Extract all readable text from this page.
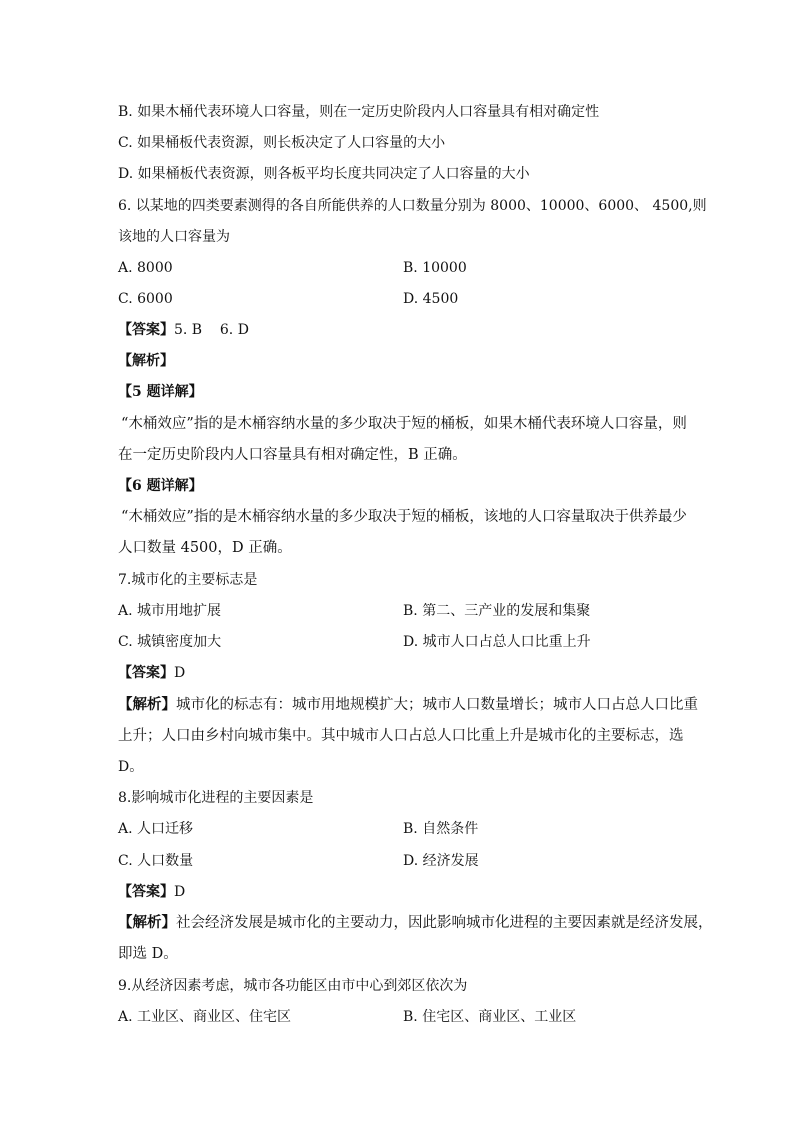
B. 如果木桶代表环境人口容量，则在一定历史阶段内人口容量具有相对确定性
C. 如果桶板代表资源，则长板决定了人口容量的大小
D. 如果桶板代表资源，则各板平均长度共同决定了人口容量的大小
6. 以某地的四类要素测得的各自所能供养的人口数量分别为 8000、10000、6000、 4500,则
该地的人口容量为
A. 8000	B. 10000
C. 6000	D. 4500
【答案】5. B    6. D
【解析】
【5 题详解】
“木桶效应”指的是木桶容纳水量的多少取决于短的桶板，如果木桶代表环境人口容量，则
在一定历史阶段内人口容量具有相对确定性，B 正确。
【6 题详解】
“木桶效应”指的是木桶容纳水量的多少取决于短的桶板，该地的人口容量取决于供养最少
人口数量 4500，D 正确。
7.城市化的主要标志是
A. 城市用地扩展	B. 第二、三产业的发展和集聚
C. 城镇密度加大	D. 城市人口占总人口比重上升
【答案】D
【解析】城市化的标志有：城市用地规模扩大；城市人口数量增长；城市人口占总人口比重
上升；人口由乡村向城市集中。其中城市人口占总人口比重上升是城市化的主要标志，选
D。
8.影响城市化进程的主要因素是
A. 人口迁移	B. 自然条件
C. 人口数量	D. 经济发展
【答案】D
【解析】社会经济发展是城市化的主要动力，因此影响城市化进程的主要因素就是经济发展，
即选 D。
9.从经济因素考虑，城市各功能区由市中心到郊区依次为
A. 工业区、商业区、住宅区	B. 住宅区、商业区、工业区
